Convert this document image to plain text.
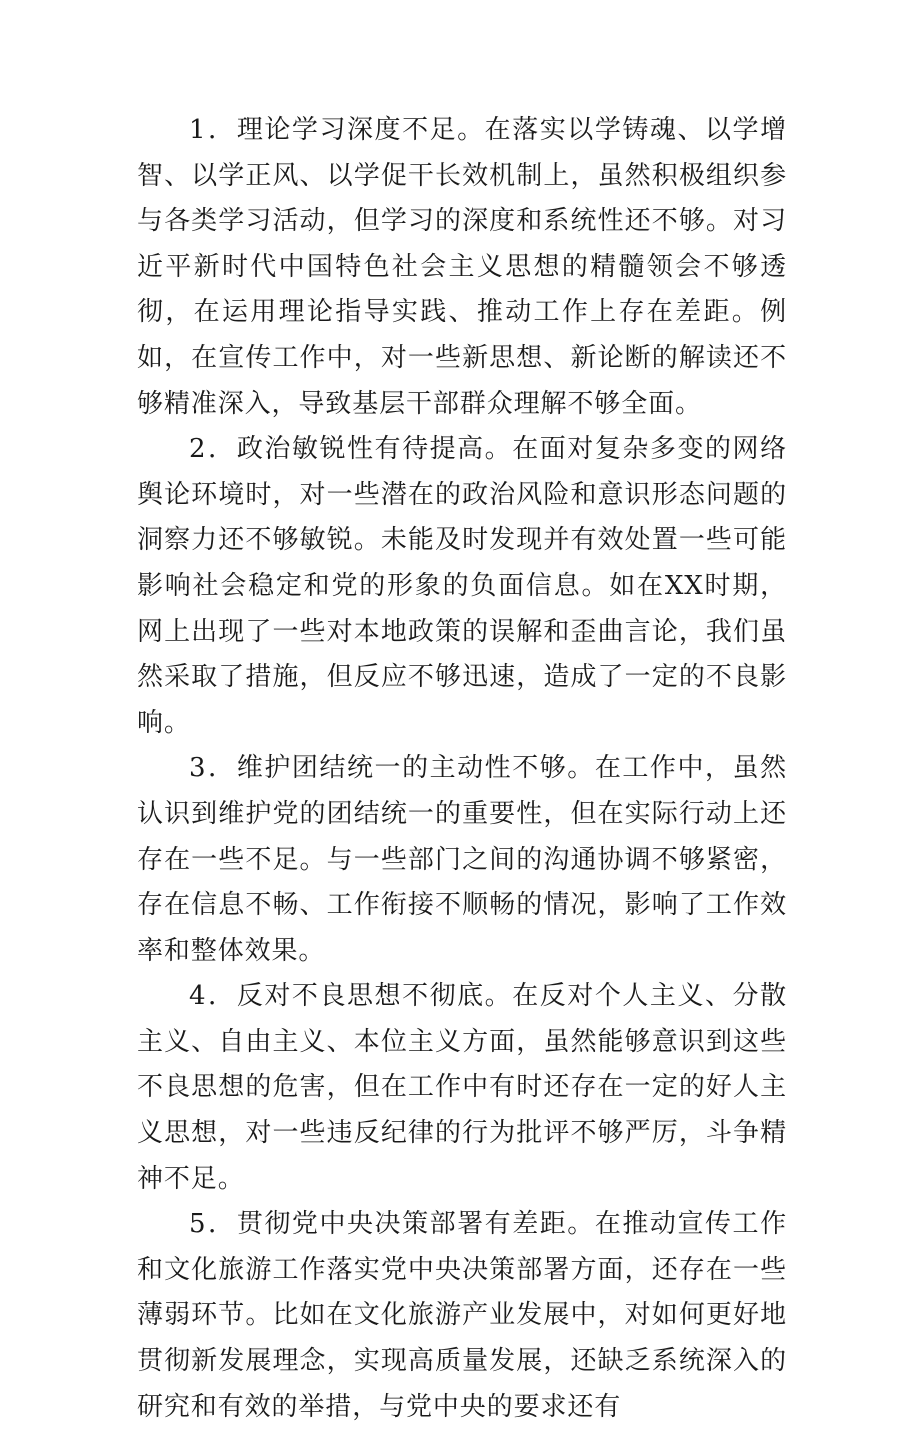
1．理论学习深度不足。在落实以学铸魂、以学增智、以学正风、以学促干长效机制上，虽然积极组织参与各类学习活动，但学习的深度和系统性还不够。对习近平新时代中国特色社会主义思想的精髓领会不够透彻，在运用理论指导实践、推动工作上存在差距。例如，在宣传工作中，对一些新思想、新论断的解读还不够精准深入，导致基层干部群众理解不够全面。

2．政治敏锐性有待提高。在面对复杂多变的网络舆论环境时，对一些潜在的政治风险和意识形态问题的洞察力还不够敏锐。未能及时发现并有效处置一些可能影响社会稳定和党的形象的负面信息。如在XX时期，网上出现了一些对本地政策的误解和歪曲言论，我们虽然采取了措施，但反应不够迅速，造成了一定的不良影响。

3．维护团结统一的主动性不够。在工作中，虽然认识到维护党的团结统一的重要性，但在实际行动上还存在一些不足。与一些部门之间的沟通协调不够紧密，存在信息不畅、工作衔接不顺畅的情况，影响了工作效率和整体效果。

4．反对不良思想不彻底。在反对个人主义、分散主义、自由主义、本位主义方面，虽然能够意识到这些不良思想的危害，但在工作中有时还存在一定的好人主义思想，对一些违反纪律的行为批评不够严厉，斗争精神不足。

5．贯彻党中央决策部署有差距。在推动宣传工作和文化旅游工作落实党中央决策部署方面，还存在一些薄弱环节。比如在文化旅游产业发展中，对如何更好地贯彻新发展理念，实现高质量发展，还缺乏系统深入的研究和有效的举措，与党中央的要求还有
